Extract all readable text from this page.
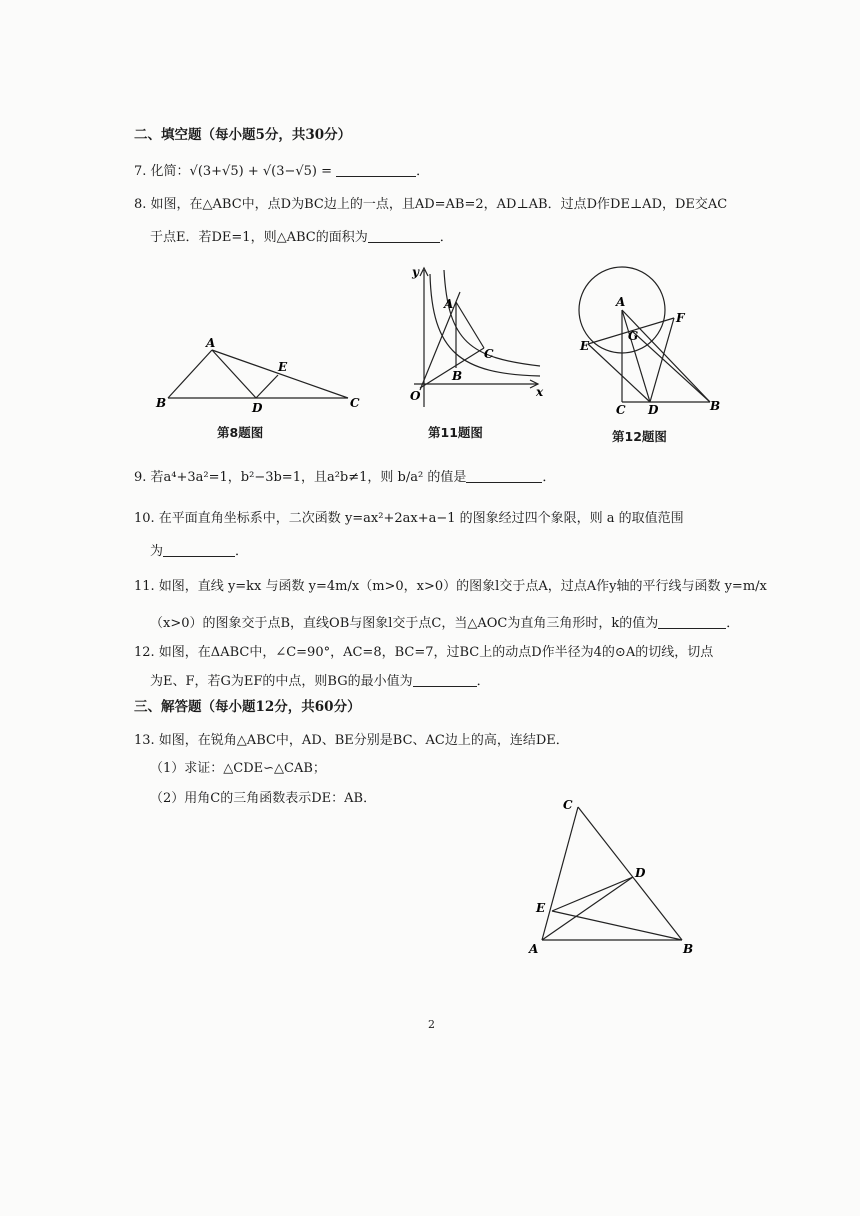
二、填空题（每小题5分，共30分）
7. 化简：√(3+√5) + √(3−√5) =	．
8. 如图，在△ABC中，点D为BC边上的一点，且AD=AB=2，AD⊥AB．过点D作DE⊥AD，DE交AC
于点E．若DE=1，则△ABC的面积为	．
A
B	C
D
E
第8题图
y
x
O
A
B
C
第11题图
A
E
F
G
C D	B
第12题图
9. 若a⁴+3a²=1，b²−3b=1，且a²b≠1，则 b/a² 的值是	．
10. 在平面直角坐标系中，二次函数 y=ax²+2ax+a−1 的图象经过四个象限，则 a 的取值范围
为	．
11. 如图，直线 y=kx 与函数 y=4m/x（m>0，x>0）的图象l交于点A，过点A作y轴的平行线与函数 y=m/x
（x>0）的图象交于点B，直线OB与图象l交于点C，当△AOC为直角三角形时，k的值为	．
12. 如图，在ΔABC中，∠C=90°，AC=8，BC=7，过BC上的动点D作半径为4的⊙A的切线，切点
为E、F，若G为EF的中点，则BG的最小值为	．
三、解答题（每小题12分，共60分）
13. 如图，在锐角△ABC中，AD、BE分别是BC、AC边上的高，连结DE．
（1）求证：△CDE∽△CAB；
（2）用角C的三角函数表示DE：AB．	C
D
E
A	B
2
